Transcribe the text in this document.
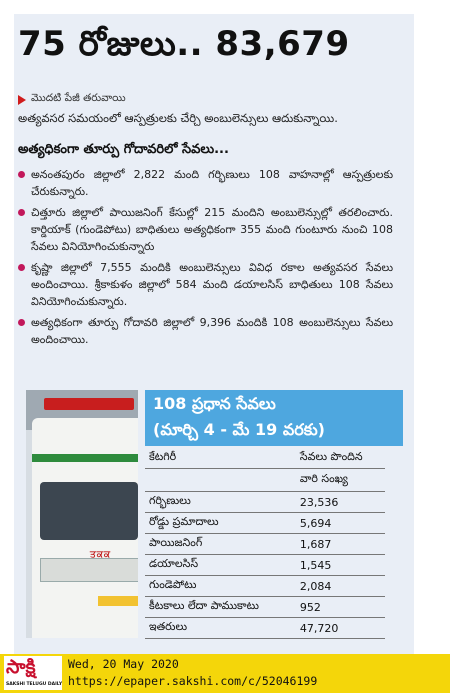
75 రోజులు.. 83,679
మొదటి పేజీ తరువాయి
అత్యవసర సమయంలో ఆస్పత్రులకు చేర్చి అంబులెన్సులు ఆదుకున్నాయి.
అత్యధికంగా తూర్పు గోదావరిలో సేవలు...
అనంతపురం జిల్లాలో 2,822 మంది గర్భిణులు 108 వాహనాల్లో ఆస్పత్రులకు చేరుకున్నారు.
చిత్తూరు జిల్లాలో పాయిజనింగ్ కేసుల్లో 215 మందిని అంబులెన్సుల్లో తరలించారు. కార్డియాక్ (గుండెపోటు) బాధితులు అత్యధికంగా 355 మంది గుంటూరు నుంచి 108 సేవలు వినియోగించుకున్నారు
కృష్ణా జిల్లాలో 7,555 మందికి అంబులెన్సులు వివిధ రకాల అత్యవసర సేవలు అందించాయి. శ్రీకాకుళం జిల్లాలో 584 మంది డయాలసిస్ బాధితులు 108 సేవలు వినియోగించుకున్నారు.
అత్యధికంగా తూర్పు గోదావరి జిల్లాలో 9,396 మందికి 108 అంబులెన్సులు సేవలు అందించాయి.
ਤਕਕ
108 ప్రధాన సేవలు
(మార్చి 4 - మే 19 వరకు)
కేటగిరీ	సేవలు పొందిన
	వారి సంఖ్య
గర్భిణులు	23,536
రోడ్డు ప్రమాదాలు	5,694
పాయిజనింగ్	1,687
డయాలసిస్	1,545
గుండెపోటు	2,084
కీటకాలు లేదా పాముకాటు	952
ఇతరులు	47,720
సాక్షి
SAKSHI TELUGU DAILY
Wed, 20 May 2020
https://epaper.sakshi.com/c/52046199
